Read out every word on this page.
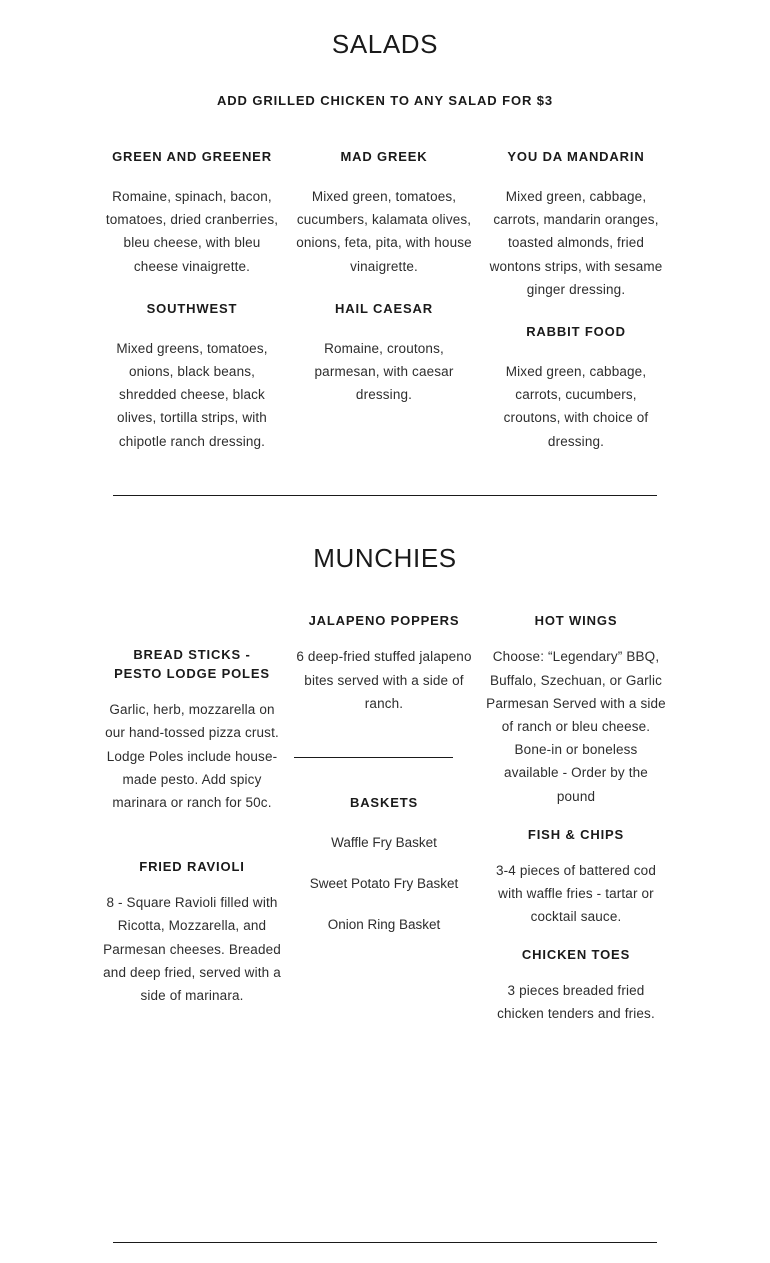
SALADS
ADD GRILLED CHICKEN TO ANY SALAD FOR $3
GREEN AND GREENER
Romaine, spinach, bacon, tomatoes, dried cranberries, bleu cheese, with bleu cheese vinaigrette.
SOUTHWEST
Mixed greens, tomatoes, onions, black beans, shredded cheese, black olives, tortilla strips, with chipotle ranch dressing.
MAD GREEK
Mixed green, tomatoes, cucumbers, kalamata olives, onions, feta, pita, with house vinaigrette.
HAIL CAESAR
Romaine, croutons, parmesan, with caesar dressing.
YOU DA MANDARIN
Mixed green, cabbage, carrots, mandarin oranges, toasted almonds, fried wontons strips, with sesame ginger dressing.
RABBIT FOOD
Mixed green, cabbage, carrots, cucumbers, croutons, with choice of dressing.
MUNCHIES
BREAD STICKS -
PESTO LODGE POLES
Garlic, herb, mozzarella on our hand-tossed pizza crust. Lodge Poles include house-made pesto. Add spicy marinara or ranch for 50c.
FRIED RAVIOLI
8 - Square Ravioli filled with Ricotta, Mozzarella, and Parmesan cheeses. Breaded and deep fried, served with a side of marinara.
JALAPENO POPPERS
6 deep-fried stuffed jalapeno bites served with a side of ranch.
BASKETS
Waffle Fry Basket
Sweet Potato Fry Basket
Onion Ring Basket
HOT WINGS
Choose: “Legendary” BBQ, Buffalo, Szechuan, or Garlic Parmesan Served with a side of ranch or bleu cheese. Bone-in or boneless available - Order by the pound
FISH & CHIPS
3-4 pieces of battered cod with waffle fries - tartar or cocktail sauce.
CHICKEN TOES
3 pieces breaded fried chicken tenders and fries.
